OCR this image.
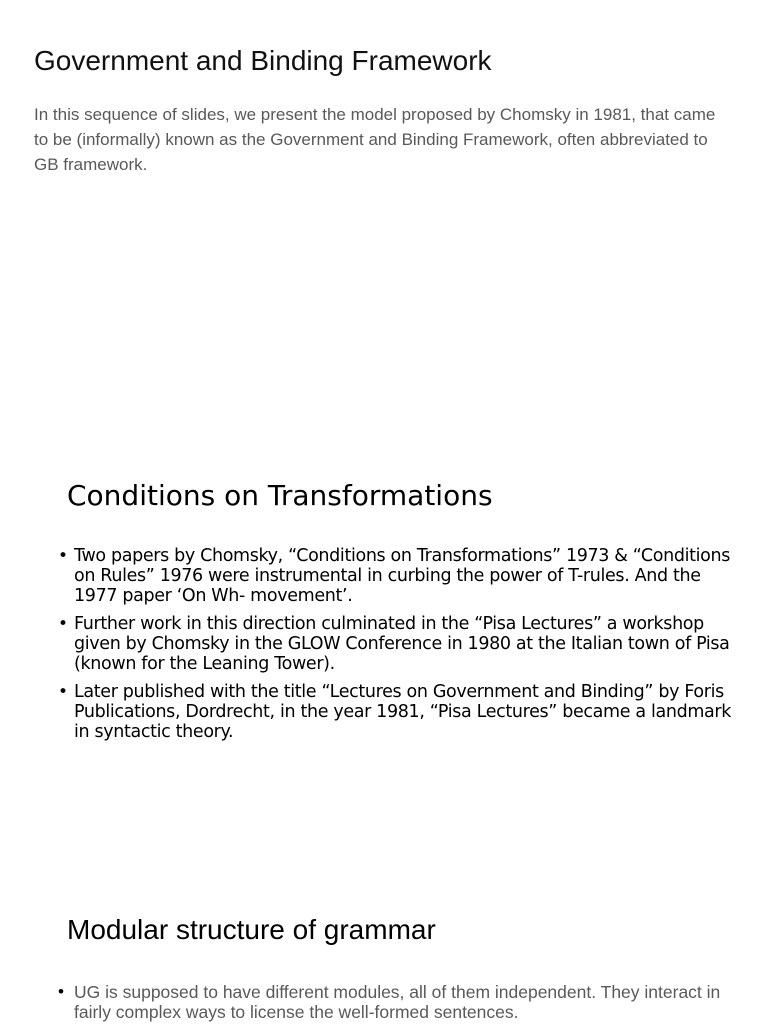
Government and Binding Framework

In this sequence of slides, we present the model proposed by Chomsky in 1981, that came to be (informally) known as the Government and Binding Framework, often abbreviated to GB framework.

Conditions on Transformations
• Two papers by Chomsky, “Conditions on Transformations” 1973 & “Conditions on Rules” 1976 were instrumental in curbing the power of T-rules. And the 1977 paper ‘On Wh- movement’.
• Further work in this direction culminated in the “Pisa Lectures” a workshop given by Chomsky in the GLOW Conference in 1980 at the Italian town of Pisa (known for the Leaning Tower).
• Later published with the title “Lectures on Government and Binding” by Foris Publications, Dordrecht, in the year 1981, “Pisa Lectures” became a landmark in syntactic theory.
Modular structure of grammar
• UG is supposed to have different modules, all of them independent. They interact in fairly complex ways to license the well-formed sentences.
